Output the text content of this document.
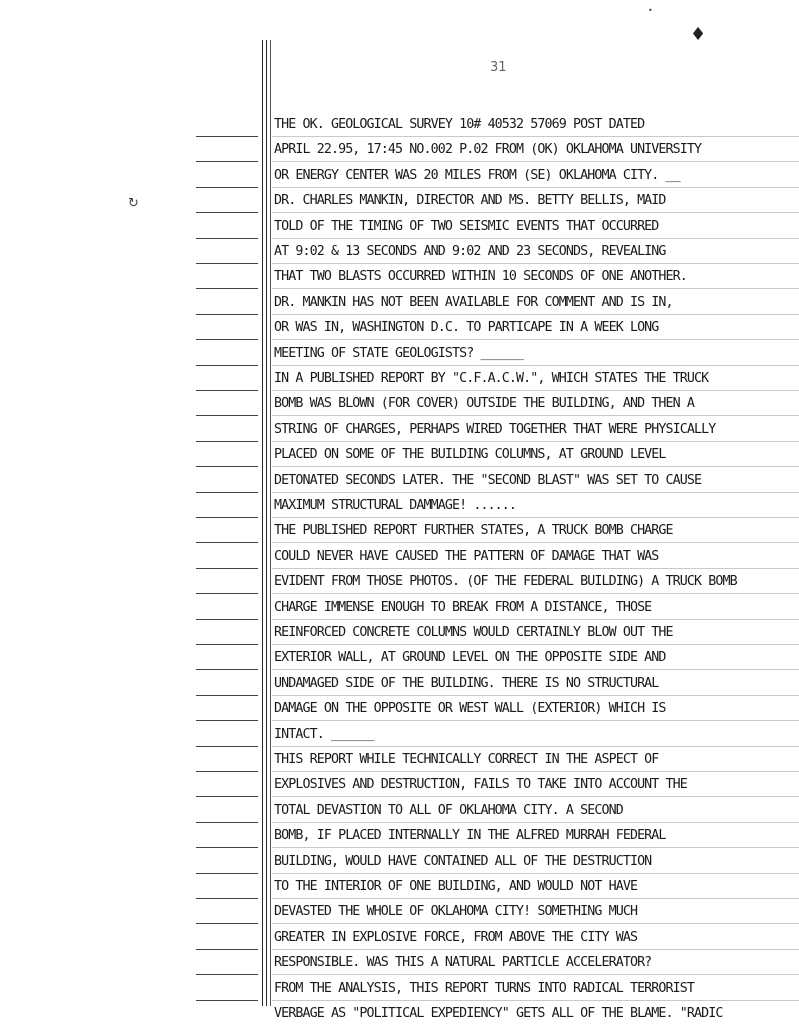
31
♦
•
↻
THE OK. GEOLOGICAL SURVEY 10# 40532 57069 POST DATED
APRIL 22.95, 17:45 NO.002 P.02 FROM (OK) OKLAHOMA UNIVERSITY
OR ENERGY CENTER WAS 20 MILES FROM (SE) OKLAHOMA CITY. __
DR. CHARLES MANKIN, DIRECTOR AND MS. BETTY BELLIS, MAID
TOLD OF THE TIMING OF TWO SEISMIC EVENTS THAT OCCURRED
AT 9:02 & 13 SECONDS AND 9:02 AND 23 SECONDS, REVEALING
THAT TWO BLASTS OCCURRED WITHIN 10 SECONDS OF ONE ANOTHER.
DR. MANKIN HAS NOT BEEN AVAILABLE FOR COMMENT AND IS IN,
OR WAS IN, WASHINGTON D.C. TO PARTICAPE IN A WEEK LONG
MEETING OF STATE GEOLOGISTS? ______
IN A PUBLISHED REPORT BY "C.F.A.C.W.", WHICH STATES THE TRUCK
BOMB WAS BLOWN (FOR COVER) OUTSIDE THE BUILDING, AND THEN A
STRING OF CHARGES, PERHAPS WIRED TOGETHER THAT WERE PHYSICALLY
PLACED ON SOME OF THE BUILDING COLUMNS, AT GROUND LEVEL
DETONATED SECONDS LATER. THE "SECOND BLAST" WAS SET TO CAUSE
MAXIMUM STRUCTURAL DAMMAGE! ......
THE PUBLISHED REPORT FURTHER STATES, A TRUCK BOMB CHARGE
COULD NEVER HAVE CAUSED THE PATTERN OF DAMAGE THAT WAS
EVIDENT FROM THOSE PHOTOS. (OF THE FEDERAL BUILDING) A TRUCK BOMB
CHARGE IMMENSE ENOUGH TO BREAK FROM A DISTANCE, THOSE
REINFORCED CONCRETE COLUMNS WOULD CERTAINLY BLOW OUT THE
EXTERIOR WALL, AT GROUND LEVEL ON THE OPPOSITE SIDE AND
UNDAMAGED SIDE OF THE BUILDING. THERE IS NO STRUCTURAL
DAMAGE ON THE OPPOSITE OR WEST WALL (EXTERIOR) WHICH IS
INTACT. ______
THIS REPORT WHILE TECHNICALLY CORRECT IN THE ASPECT OF
EXPLOSIVES AND DESTRUCTION, FAILS TO TAKE INTO ACCOUNT THE
TOTAL DEVASTION TO ALL OF OKLAHOMA CITY. A SECOND
BOMB, IF PLACED INTERNALLY IN THE ALFRED MURRAH FEDERAL
BUILDING, WOULD HAVE CONTAINED ALL OF THE DESTRUCTION
TO THE INTERIOR OF ONE BUILDING, AND WOULD NOT HAVE
DEVASTED THE WHOLE OF OKLAHOMA CITY! SOMETHING MUCH
GREATER IN EXPLOSIVE FORCE, FROM ABOVE THE CITY WAS
RESPONSIBLE. WAS THIS A NATURAL PARTICLE ACCELERATOR?
FROM THE ANALYSIS, THIS REPORT TURNS INTO RADICAL TERRORIST
VERBAGE AS "POLITICAL EXPEDIENCY" GETS ALL OF THE BLAME. "RADIC
